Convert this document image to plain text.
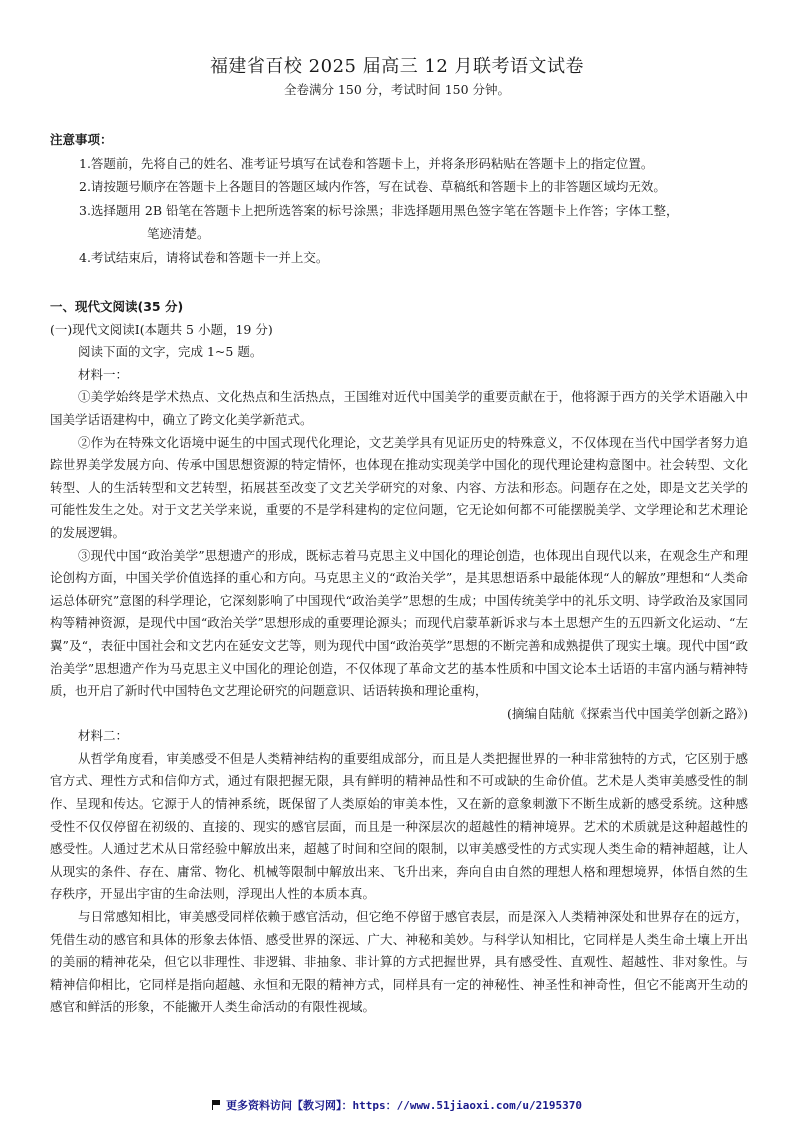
福建省百校 2025 届高三 12 月联考语文试卷
全卷满分 150 分，考试时间 150 分钟。
注意事项：
1.答题前，先将自己的姓名、准考证号填写在试卷和答题卡上，并将条形码粘贴在答题卡上的指定位置。
2.请按题号顺序在答题卡上各题目的答题区域内作答，写在试卷、草稿纸和答题卡上的非答题区域均无效。
3.选择题用 2B 铅笔在答题卡上把所选答案的标号涂黑；非选择题用黑色签字笔在答题卡上作答；字体工整，
笔迹清楚。
4.考试结束后，请将试卷和答题卡一并上交。
一、现代文阅读(35 分)
(一)现代文阅读Ⅰ(本题共 5 小题，19 分)
阅读下面的文字，完成 1~5 题。
材料一：
①美学始终是学术热点、文化热点和生活热点，王国维对近代中国美学的重要贡献在于，他将源于西方的关学术语融入中国美学话语建构中，确立了跨文化美学新范式。
②作为在特殊文化语境中诞生的中国式现代化理论，文艺美学具有见证历史的特殊意义，不仅体现在当代中国学者努力追踪世界美学发展方向、传承中国思想资源的特定情怀，也体现在推动实现美学中国化的现代理论建构意图中。社会转型、文化转型、人的生活转型和文艺转型，拓展甚至改变了文艺关学研究的对象、内容、方法和形态。问题存在之处，即是文艺关学的可能性发生之处。对于文艺关学来说，重要的不是学科建构的定位问题，它无论如何都不可能摆脱美学、文学理论和艺术理论的发展逻辑。
③现代中国“政治美学”思想遗产的形成，既标志着马克思主义中国化的理论创造，也体现出自现代以来，在观念生产和理论创构方面，中国关学价值选择的重心和方向。马克思主义的“政治关学”，是其思想语系中最能体现“人的解放”理想和“人类命运总体研究”意图的科学理论，它深刻影响了中国现代“政治美学”思想的生成；中国传统美学中的礼乐文明、诗学政治及家国同构等精神资源，是现代中国“政治关学”思想形成的重要理论源头；而现代启蒙革新诉求与本土思想产生的五四新文化运动、“左翼”及“，表征中国社会和文艺内在延安文艺等，则为现代中国“政治英学”思想的不断完善和成熟提供了现实土壤。现代中国“政治美学”思想遗产作为马克思主义中国化的理论创造，不仅体现了革命文艺的基本性质和中国文论本土话语的丰富内涵与精神特质，也开启了新时代中国特色文艺理论研究的问题意识、话语转换和理论重构，
(摘编自陆航《探索当代中国美学创新之路》)
材料二：
从哲学角度看，审美感受不但是人类精神结构的重要组成部分，而且是人类把握世界的一种非常独特的方式，它区别于感官方式、理性方式和信仰方式，通过有限把握无限，具有鲜明的精神品性和不可或缺的生命价值。艺术是人类审美感受性的制作、呈现和传达。它源于人的情神系统，既保留了人类原始的审美本性，又在新的意象刺激下不断生成新的感受系统。这种感受性不仅仅停留在初级的、直接的、现实的感官层面，而且是一种深层次的超越性的精神境界。艺术的术质就是这种超越性的感受性。人通过艺术从日常经验中解放出来，超越了时间和空间的限制，以审美感受性的方式实现人类生命的精神超越，让人从现实的条件、存在、庸常、物化、机械等限制中解放出来、飞升出来，奔向自由自然的理想人格和理想境界，体悟自然的生存秩序，开显出宇宙的生命法则，浮现出人性的本质本真。
与日常感知相比，审美感受同样依赖于感官活动，但它绝不停留于感官表层，而是深入人类精神深处和世界存在的远方，凭借生动的感官和具体的形象去体悟、感受世界的深远、广大、神秘和美妙。与科学认知相比，它同样是人类生命土壤上开出的美丽的精神花朵，但它以非理性、非逻辑、非抽象、非计算的方式把握世界，具有感受性、直观性、超越性、非对象性。与精神信仰相比，它同样是指向超越、永恒和无限的精神方式，同样具有一定的神秘性、神圣性和神奇性，但它不能离开生动的感官和鲜活的形象，不能撇开人类生命活动的有限性视域。
更多资料访问【教习网】：https：//www.51jiaoxi.com/u/2195370
